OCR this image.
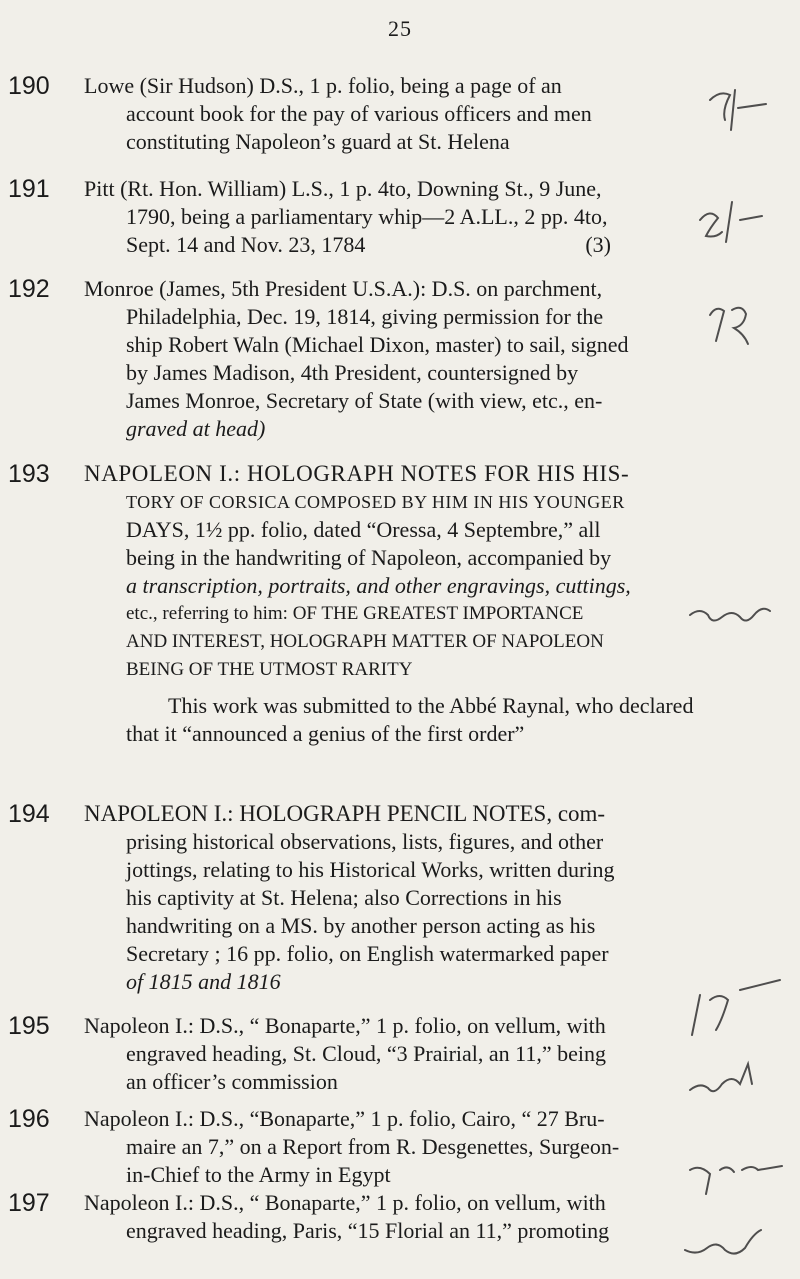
25
190	Lowe (Sir Hudson) D.S., 1 p. folio, being a page of an
account book for the pay of various officers and men
constituting Napoleon’s guard at St. Helena
191	Pitt (Rt. Hon. William) L.S., 1 p. 4to, Downing St., 9 June,
1790, being a parliamentary whip—2 A.LL., 2 pp. 4to,
Sept. 14 and Nov. 23, 1784                                        (3)
192	Monroe (James, 5th President U.S.A.): D.S. on parchment,
Philadelphia, Dec. 19, 1814, giving permission for the
ship Robert Waln (Michael Dixon, master) to sail, signed
by James Madison, 4th President, countersigned by
James Monroe, Secretary of State (with view, etc., en-
graved at head)
193	NAPOLEON I.: HOLOGRAPH NOTES FOR HIS HIS-
TORY OF CORSICA COMPOSED BY HIM IN HIS YOUNGER
DAYS, 1½ pp. folio, dated “Oressa, 4 Septembre,” all
being in the handwriting of Napoleon, accompanied by
a transcription, portraits, and other engravings, cuttings,
etc., referring to him: OF THE GREATEST IMPORTANCE
AND INTEREST, HOLOGRAPH MATTER OF NAPOLEON
BEING OF THE UTMOST RARITY
This work was submitted to the Abbé Raynal, who declared
that it “announced a genius of the first order”
194	NAPOLEON I.: HOLOGRAPH PENCIL NOTES, com-
prising historical observations, lists, figures, and other
jottings, relating to his Historical Works, written during
his captivity at St. Helena; also Corrections in his
handwriting on a MS. by another person acting as his
Secretary ; 16 pp. folio, on English watermarked paper
of 1815 and 1816
195	Napoleon I.: D.S., “ Bonaparte,” 1 p. folio, on vellum, with
engraved heading, St. Cloud, “3 Prairial, an 11,” being
an officer’s commission
196	Napoleon I.: D.S., “Bonaparte,” 1 p. folio, Cairo, “ 27 Bru-
maire an 7,” on a Report from R. Desgenettes, Surgeon-
in-Chief to the Army in Egypt
197	Napoleon I.: D.S., “ Bonaparte,” 1 p. folio, on vellum, with
engraved heading, Paris, “15 Florial an 11,” promoting
